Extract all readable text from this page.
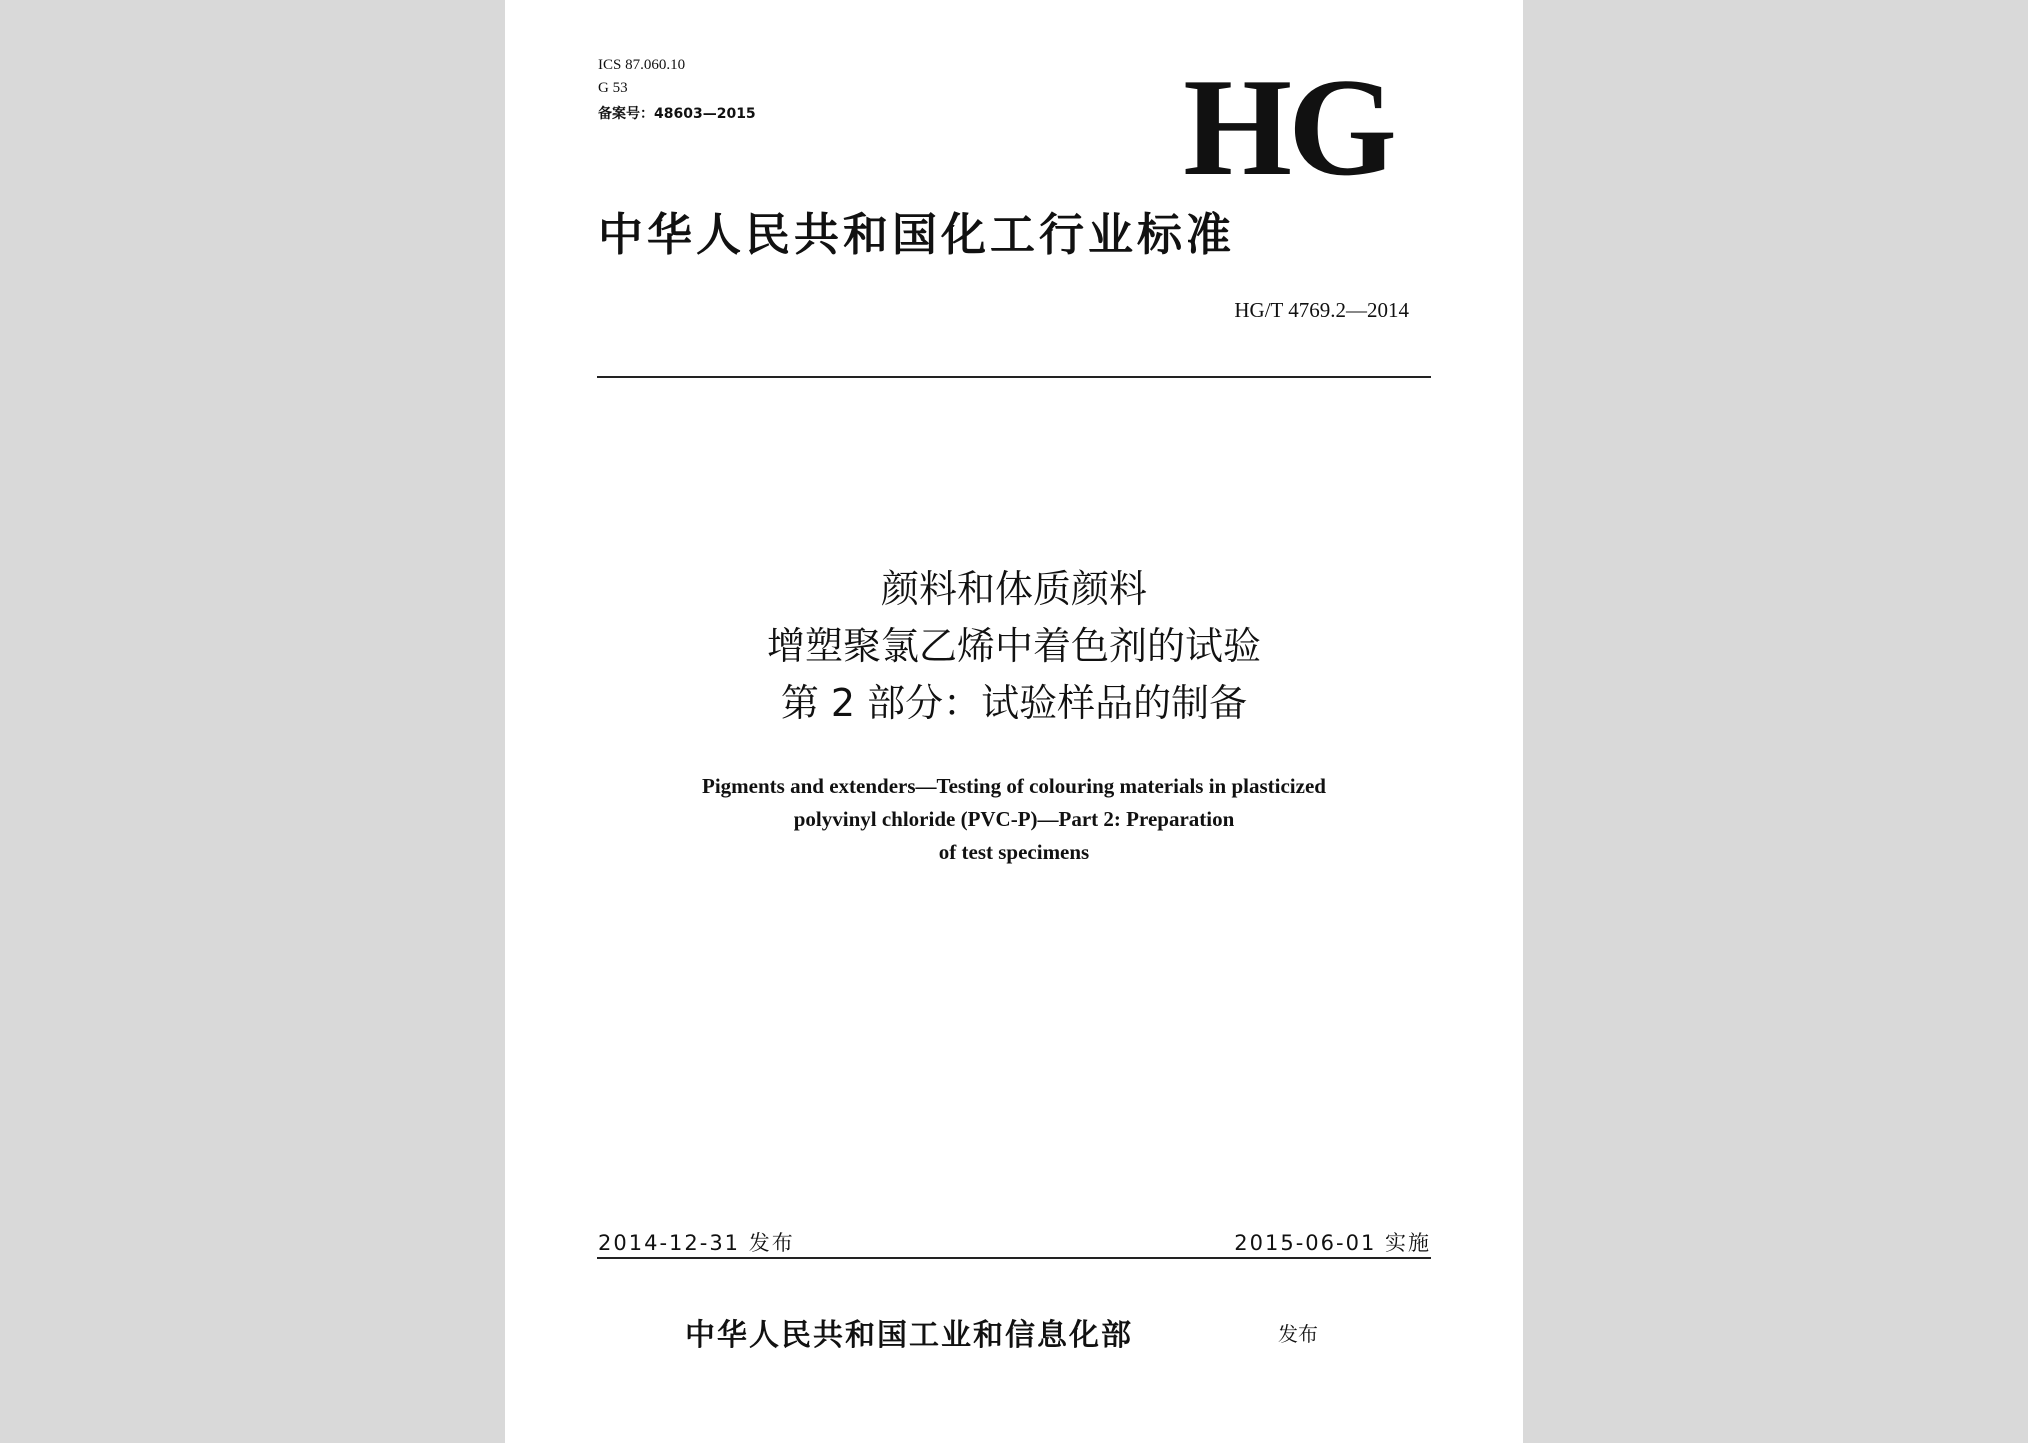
ICS 87.060.10
G 53
备案号：48603—2015	HG
中华人民共和国化工行业标准
HG/T 4769.2—2014
颜料和体质颜料
增塑聚氯乙烯中着色剂的试验
第 2 部分：试验样品的制备
Pigments and extenders—Testing of colouring materials in plasticized
polyvinyl chloride (PVC-P)—Part 2: Preparation
of test specimens
2014-12-31 发布	2015-06-01 实施
中华人民共和国工业和信息化部	发布
